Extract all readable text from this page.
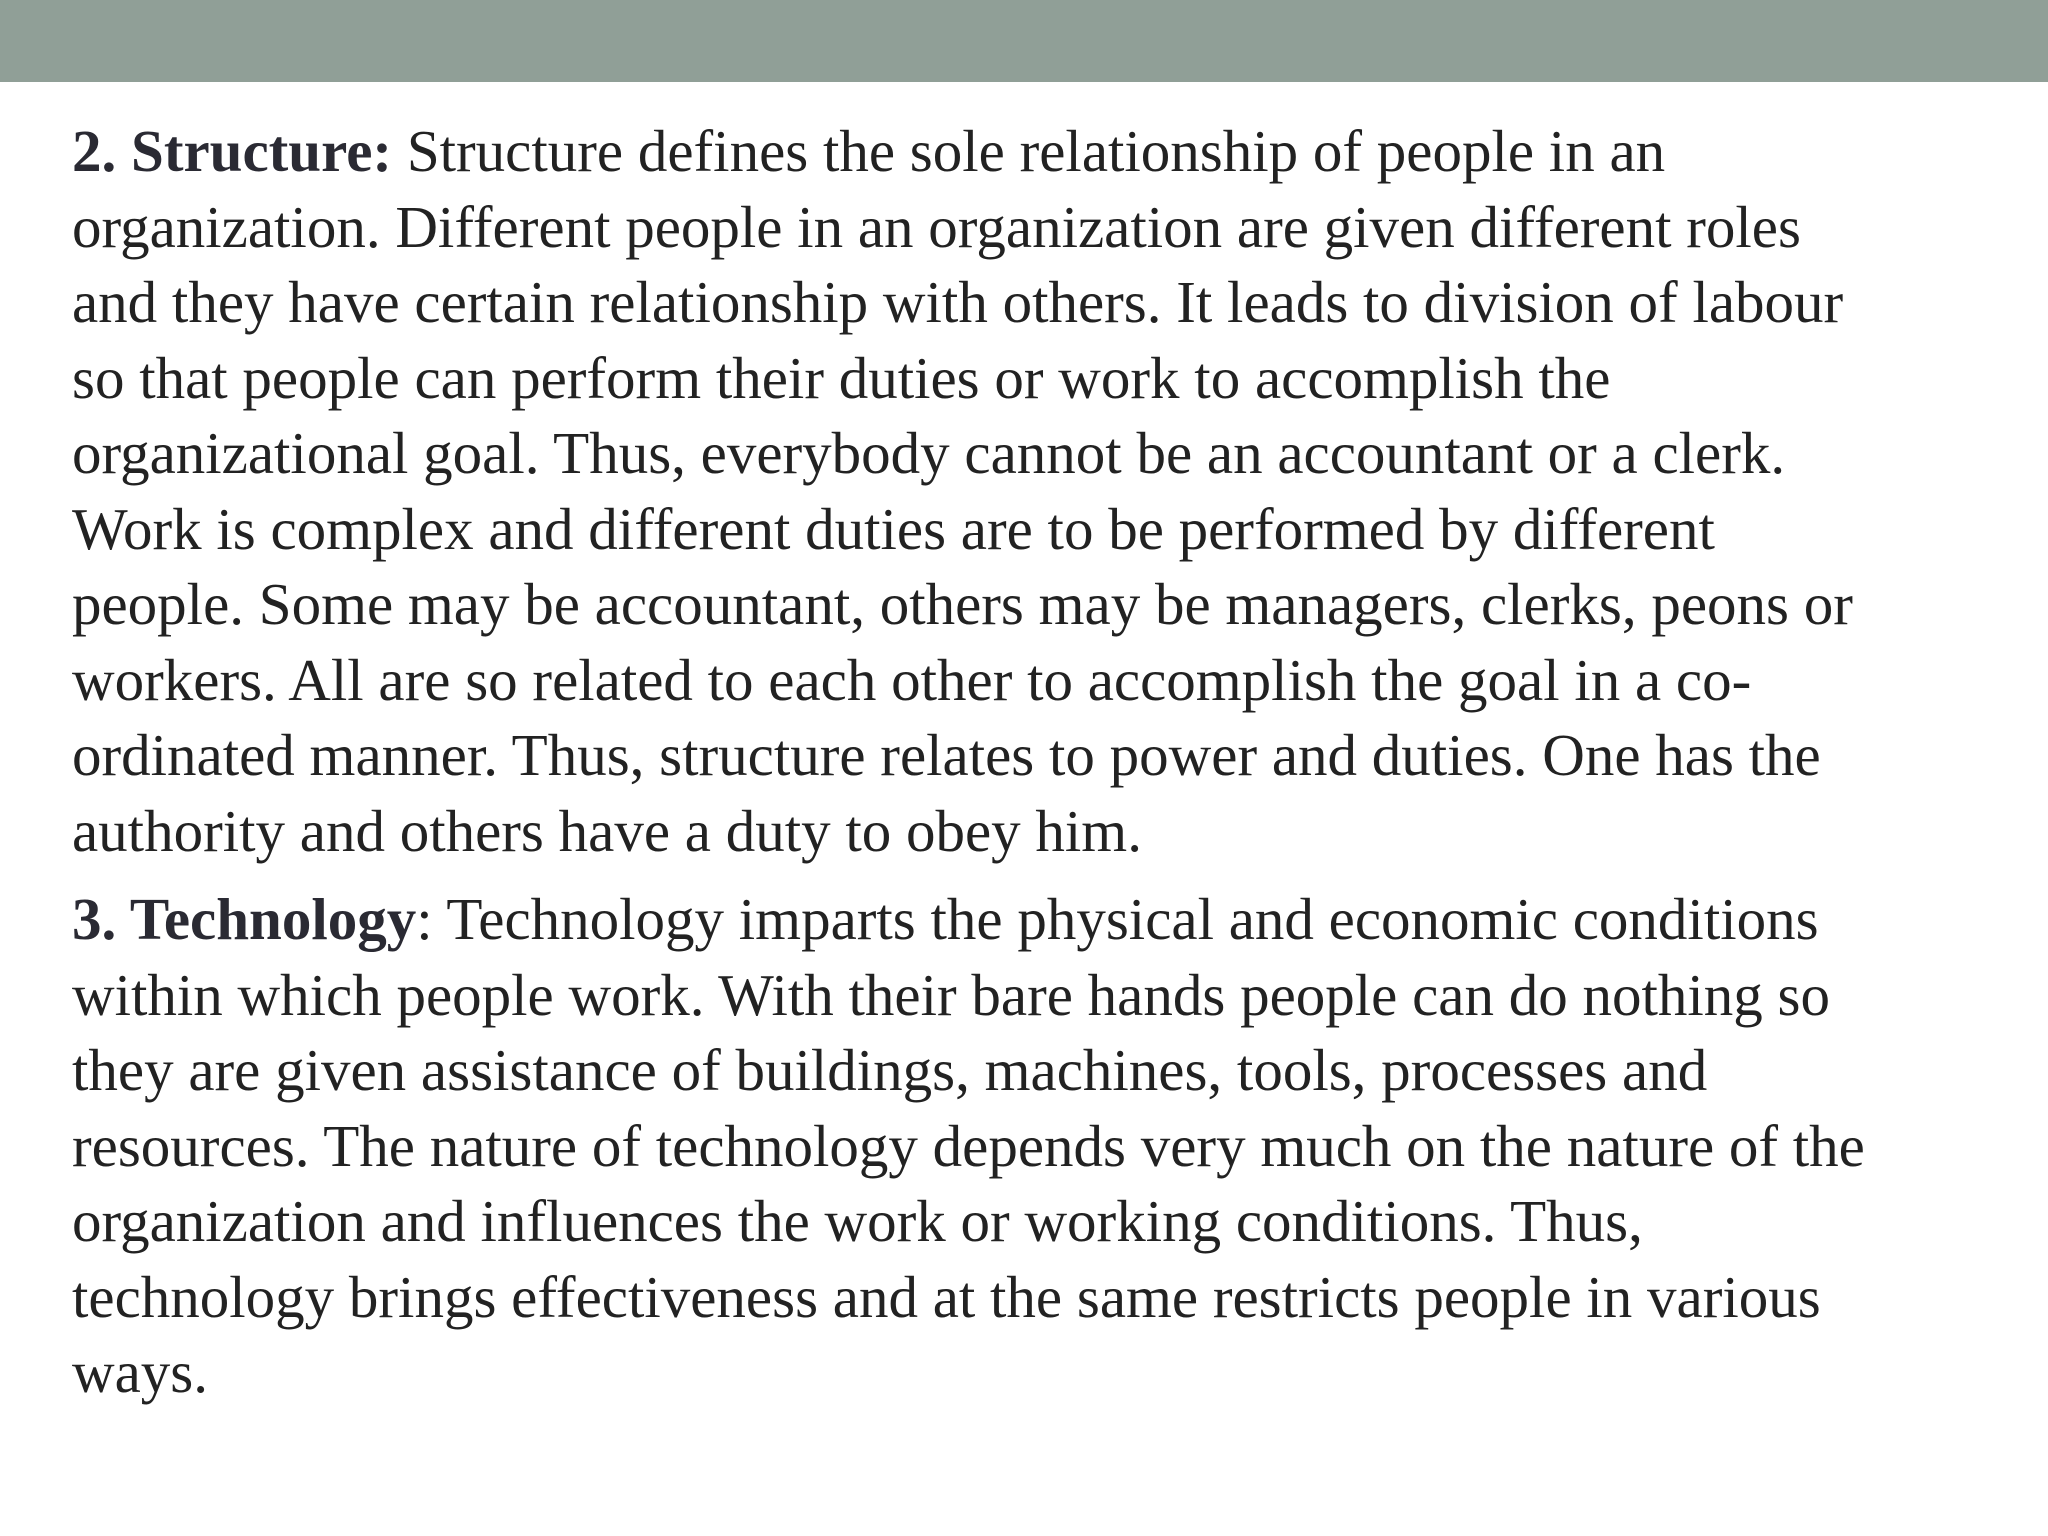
2. Structure: Structure defines the sole relationship of people in an
organization. Different people in an organization are given different roles
and they have certain relationship with others. It leads to division of labour
so that people can perform their duties or work to accomplish the
organizational goal. Thus, everybody cannot be an accountant or a clerk.
Work is complex and different duties are to be performed by different
people. Some may be accountant, others may be managers, clerks, peons or
workers. All are so related to each other to accomplish the goal in a co-
ordinated manner. Thus, structure relates to power and duties. One has the
authority and others have a duty to obey him.

3. Technology: Technology imparts the physical and economic conditions
within which people work. With their bare hands people can do nothing so
they are given assistance of buildings, machines, tools, processes and
resources. The nature of technology depends very much on the nature of the
organization and influences the work or working conditions. Thus,
technology brings effectiveness and at the same restricts people in various
ways.
